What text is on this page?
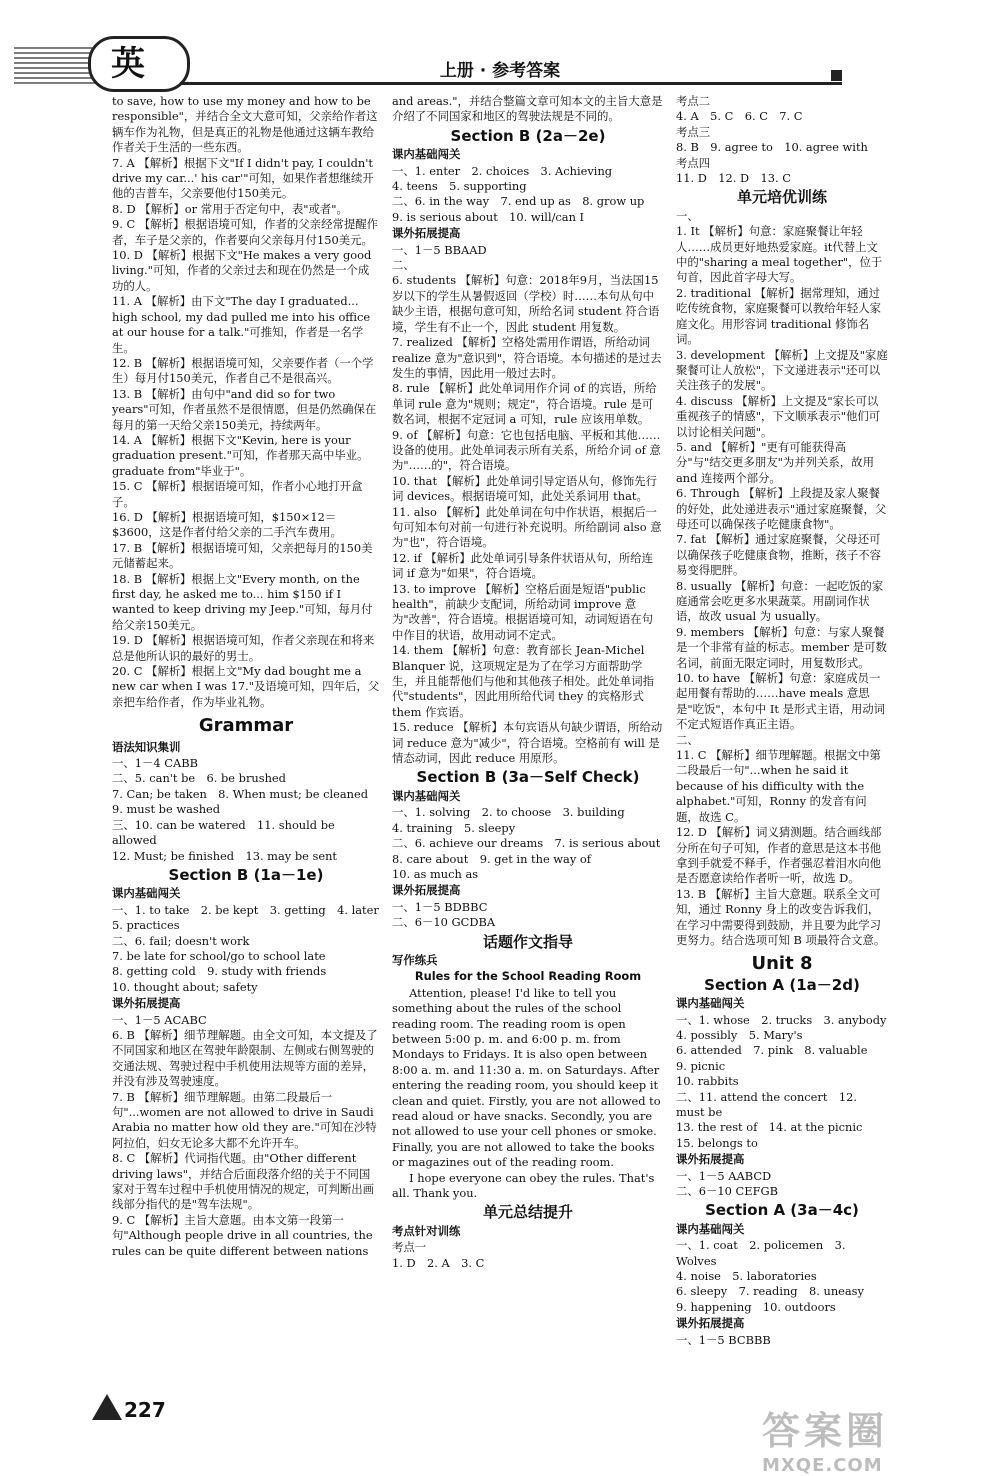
英	上册 · 参考答案

to save, how to use my money and how to be responsible"，并结合全文大意可知，父亲给作者这辆车作为礼物，但是真正的礼物是他通过这辆车教给作者关于生活的一些东西。

7. A 【解析】根据下文"If I didn't pay, I couldn't drive my car...' his car'"可知，如果作者想继续开他的吉普车，父亲要他付150美元。

8. D 【解析】or 常用于否定句中，表"或者"。

9. C 【解析】根据语境可知，作者的父亲经常提醒作者，车子是父亲的，作者要向父亲每月付150美元。

10. D 【解析】根据下文"He makes a very good living."可知，作者的父亲过去和现在仍然是一个成功的人。

11. A 【解析】由下文"The day I graduated... high school, my dad pulled me into his office at our house for a talk."可推知，作者是一名学生。

12. B 【解析】根据语境可知，父亲要作者（一个学生）每月付150美元，作者自己不是很高兴。

13. B 【解析】由句中"and did so for two years"可知，作者虽然不是很情愿，但是仍然确保在每月的第一天给父亲150美元，持续两年。

14. A 【解析】根据下文"Kevin, here is your graduation present."可知，作者那天高中毕业。graduate from"毕业于"。

15. C 【解析】根据语境可知，作者小心地打开盒子。

16. D 【解析】根据语境可知，$150×12＝$3600，这是作者付给父亲的二手汽车费用。

17. B 【解析】根据语境可知，父亲把每月的150美元储蓄起来。

18. B 【解析】根据上文"Every month, on the first day, he asked me to... him $150 if I wanted to keep driving my Jeep."可知，每月付给父亲150美元。

19. D 【解析】根据语境可知，作者父亲现在和将来总是他所认识的最好的男士。

20. C 【解析】根据上文"My dad bought me a new car when I was 17."及语境可知，四年后，父亲把车给作者，作为毕业礼物。

Grammar
语法知识集训

一、1－4 CABB

二、5. can't be　6. be brushed

7. Can; be taken　8. When must; be cleaned

9. must be washed

三、10. can be watered　11. should be allowed

12. Must; be finished　13. may be sent

Section B (1a－1e)
课内基础闯关

一、1. to take　2. be kept　3. getting　4. later

5. practices

二、6. fail; doesn't work

7. be late for school/go to school late

8. getting cold　9. study with friends

10. thought about; safety

课外拓展提高

一、1－5 ACABC

6. B 【解析】细节理解题。由全文可知，本文提及了不同国家和地区在驾驶年龄限制、左侧或右侧驾驶的交通法规、驾驶过程中手机使用法规等方面的差异，并没有涉及驾驶速度。

7. B 【解析】细节理解题。由第二段最后一句"...women are not allowed to drive in Saudi Arabia no matter how old they are."可知在沙特阿拉伯，妇女无论多大都不允许开车。

8. C 【解析】代词指代题。由"Other different driving laws"，并结合后面段落介绍的关于不同国家对于驾车过程中手机使用情况的规定，可判断出画线部分指代的是"驾车法规"。

9. C 【解析】主旨大意题。由本文第一段第一句"Although people drive in all countries, the rules can be quite different between nations

and areas."，并结合整篇文章可知本文的主旨大意是介绍了不同国家和地区的驾驶法规是不同的。

Section B (2a－2e)
课内基础闯关

一、1. enter　2. choices　3. Achieving

4. teens　5. supporting

二、6. in the way　7. end up as　8. grow up

9. is serious about　10. will/can I

课外拓展提高

一、1－5 BBAAD

二、

6. students 【解析】句意：2018年9月，当法国15岁以下的学生从暑假返回（学校）时……本句从句中缺少主语，根据句意可知，所给名词 student 符合语境，学生有不止一个，因此 student 用复数。

7. realized 【解析】空格处需用作谓语，所给动词 realize 意为"意识到"，符合语境。本句描述的是过去发生的事情，因此用一般过去时。

8. rule 【解析】此处单词用作介词 of 的宾语，所给单词 rule 意为"规则；规定"，符合语境。rule 是可数名词，根据不定冠词 a 可知，rule 应该用单数。

9. of 【解析】句意：它也包括电脑、平板和其他……设备的使用。此处单词表示所有关系，所给介词 of 意为"……的"，符合语境。

10. that 【解析】此处单词引导定语从句，修饰先行词 devices。根据语境可知，此处关系词用 that。

11. also 【解析】此处单词在句中作状语，根据后一句可知本句对前一句进行补充说明。所给副词 also 意为"也"，符合语境。

12. if 【解析】此处单词引导条件状语从句，所给连词 if 意为"如果"，符合语境。

13. to improve 【解析】空格后面是短语"public health"，前缺少支配词，所给动词 improve 意为"改善"，符合语境。根据语境可知，动词短语在句中作目的状语，故用动词不定式。

14. them 【解析】句意：教育部长 Jean-Michel Blanquer 说，这项规定是为了在学习方面帮助学生，并且能帮他们与他和其他孩子相处。此处单词指代"students"，因此用所给代词 they 的宾格形式 them 作宾语。

15. reduce 【解析】本句宾语从句缺少谓语，所给动词 reduce 意为"减少"，符合语境。空格前有 will 是情态动词，因此 reduce 用原形。

Section B (3a－Self Check)
课内基础闯关

一、1. solving　2. to choose　3. building

4. training　5. sleepy

二、6. achieve our dreams　7. is serious about

8. care about　9. get in the way of

10. as much as

课外拓展提高

一、1－5 BDBBC

二、6－10 GCDBA

话题作文指导
写作练兵
Rules for the School Reading Room

Attention, please! I'd like to tell you something about the rules of the school reading room. The reading room is open between 5:00 p. m. and 6:00 p. m. from Mondays to Fridays. It is also open between 8:00 a. m. and 11:30 a. m. on Saturdays. After entering the reading room, you should keep it clean and quiet. Firstly, you are not allowed to read aloud or have snacks. Secondly, you are not allowed to use your cell phones or smoke. Finally, you are not allowed to take the books or magazines out of the reading room.

I hope everyone can obey the rules. That's all. Thank you.

单元总结提升
考点针对训练

考点一

1. D　2. A　3. C

考点二

4. A　5. C　6. C　7. C

考点三

8. B　9. agree to　10. agree with

考点四

11. D　12. D　13. C

单元培优训练

一、

1. It 【解析】句意：家庭聚餐让年轻人……成员更好地热爱家庭。it代替上文中的"sharing a meal together"，位于句首，因此首字母大写。

2. traditional 【解析】据常理知，通过吃传统食物，家庭聚餐可以教给年轻人家庭文化。用形容词 traditional 修饰名词。

3. development 【解析】上文提及"家庭聚餐可让人放松"，下文递进表示"还可以关注孩子的发展"。

4. discuss 【解析】上文提及"家长可以重视孩子的情感"，下文顺承表示"他们可以讨论相关问题"。

5. and 【解析】"更有可能获得高分"与"结交更多朋友"为并列关系，故用 and 连接两个部分。

6. Through 【解析】上段提及家人聚餐的好处，此处递进表示"通过家庭聚餐，父母还可以确保孩子吃健康食物"。

7. fat 【解析】通过家庭聚餐，父母还可以确保孩子吃健康食物，推断，孩子不容易变得肥胖。

8. usually 【解析】句意：一起吃饭的家庭通常会吃更多水果蔬菜。用副词作状语，故改 usual 为 usually。

9. members 【解析】句意：与家人聚餐是一个非常有益的标志。member 是可数名词，前面无限定词时，用复数形式。

10. to have 【解析】句意：家庭成员一起用餐有帮助的……have meals 意思是"吃饭"，本句中 It 是形式主语，用动词不定式短语作真正主语。

二、

11. C 【解析】细节理解题。根据文中第二段最后一句"...when he said it because of his difficulty with the alphabet."可知，Ronny 的发音有问题，故选 C。

12. D 【解析】词义猜测题。结合画线部分所在句子可知，作者的意思是这本书他拿到手就爱不释手，作者强忍着泪水向他是否愿意读给作者听一听，故选 D。

13. B 【解析】主旨大意题。联系全文可知，通过 Ronny 身上的改变告诉我们，在学习中需要得到鼓励，并且要为此学习更努力。结合选项可知 B 项最符合文意。

Unit 8
Section A (1a－2d)
课内基础闯关

一、1. whose　2. trucks　3. anybody

4. possibly　5. Mary's

6. attended　7. pink　8. valuable　9. picnic

10. rabbits

二、11. attend the concert　12. must be

13. the rest of　14. at the picnic

15. belongs to

课外拓展提高

一、1－5 AABCD

二、6－10 CEFGB

Section A (3a－4c)
课内基础闯关

一、1. coat　2. policemen　3. Wolves

4. noise　5. laboratories

6. sleepy　7. reading　8. uneasy

9. happening　10. outdoors

课外拓展提高

一、1－5 BCBBB

227	答案圈
MXQE.COM
